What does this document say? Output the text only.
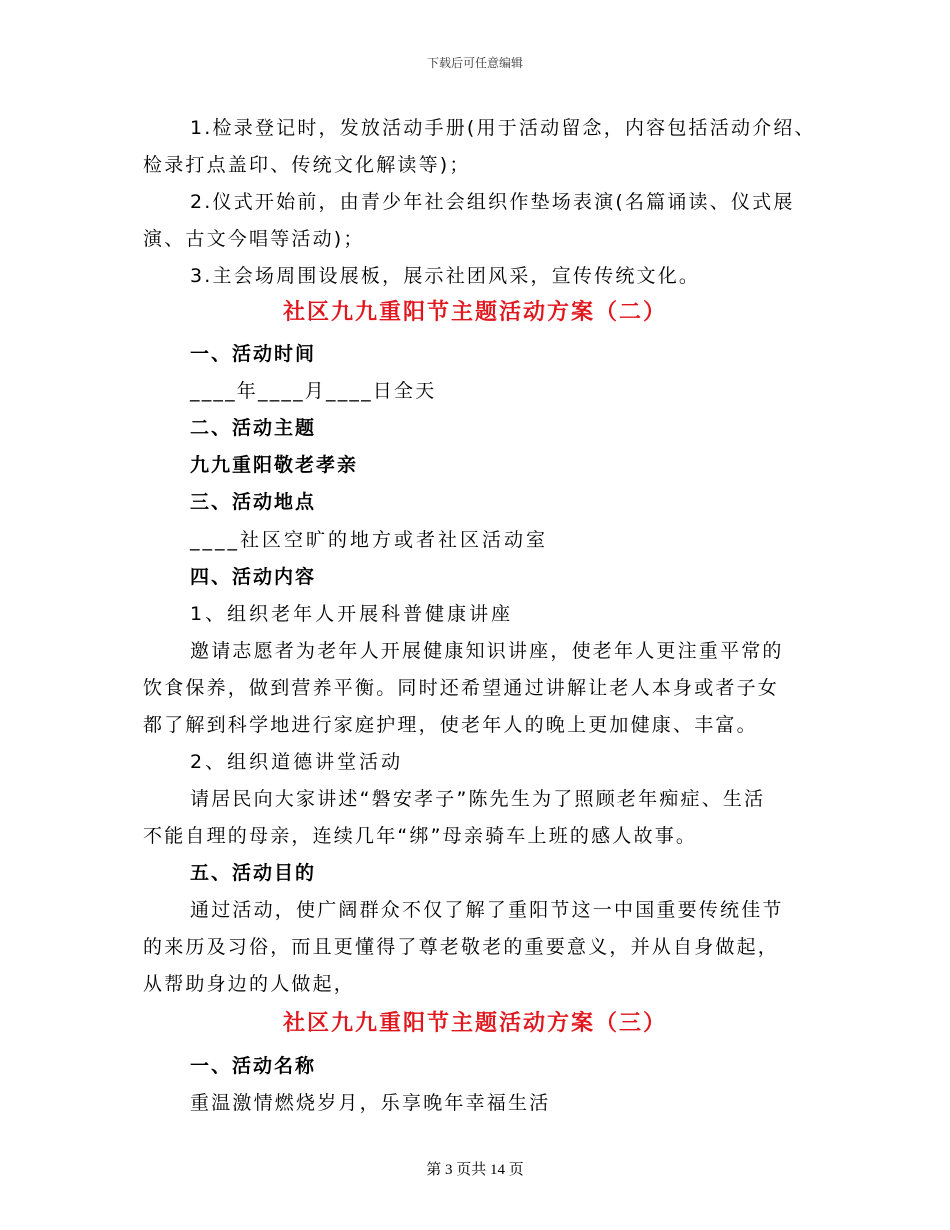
下载后可任意编辑
1.检录登记时，发放活动手册(用于活动留念，内容包括活动介绍、
检录打点盖印、传统文化解读等)；
2.仪式开始前，由青少年社会组织作垫场表演(名篇诵读、仪式展
演、古文今唱等活动)；
3.主会场周围设展板，展示社团风采，宣传传统文化。
社区九九重阳节主题活动方案（二）
一、活动时间
____年____月____日全天
二、活动主题
九九重阳敬老孝亲
三、活动地点
____社区空旷的地方或者社区活动室
四、活动内容
1、组织老年人开展科普健康讲座
邀请志愿者为老年人开展健康知识讲座，使老年人更注重平常的
饮食保养，做到营养平衡。同时还希望通过讲解让老人本身或者子女
都了解到科学地进行家庭护理，使老年人的晚上更加健康、丰富。
2、组织道德讲堂活动
请居民向大家讲述“磐安孝子”陈先生为了照顾老年痴症、生活
不能自理的母亲，连续几年“绑”母亲骑车上班的感人故事。
五、活动目的
通过活动，使广阔群众不仅了解了重阳节这一中国重要传统佳节
的来历及习俗，而且更懂得了尊老敬老的重要意义，并从自身做起，
从帮助身边的人做起，
社区九九重阳节主题活动方案（三）
一、活动名称
重温激情燃烧岁月，乐享晚年幸福生活
第 3 页共 14 页
